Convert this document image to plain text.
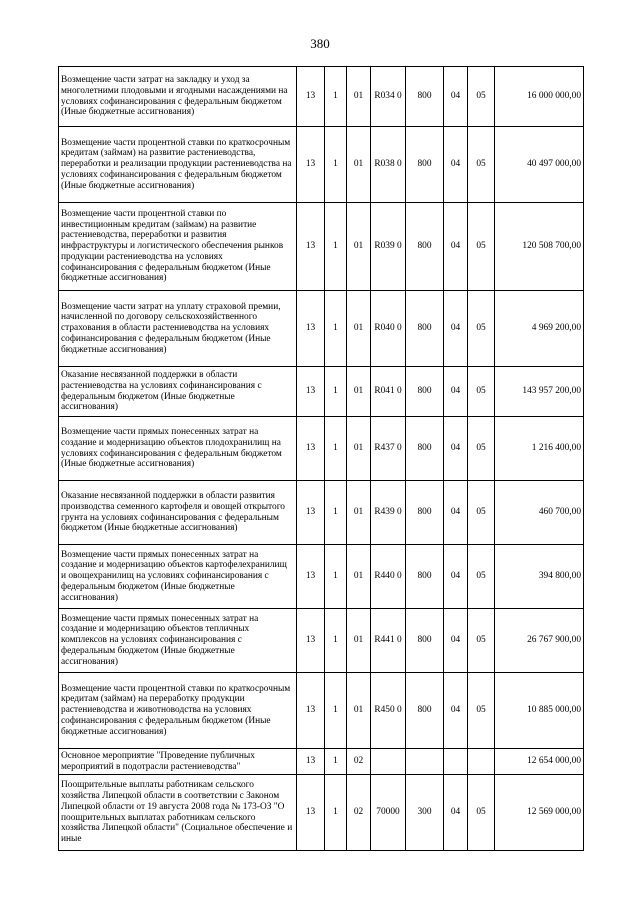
380
Возмещение части затрат на закладку и уход за многолетними плодовыми и ягодными насаждениями на условиях софинансирования с федеральным бюджетом (Иные бюджетные ассигнования)	13	1	01	R034 0	800	04	05	16 000 000,00
Возмещение части процентной ставки по краткосрочным кредитам (займам) на развитие растениеводства, переработки и реализации продукции растениеводства на условиях софинансирования с федеральным бюджетом (Иные бюджетные ассигнования)	13	1	01	R038 0	800	04	05	40 497 000,00
Возмещение части процентной ставки по инвестиционным кредитам (займам) на развитие растениеводства, переработки и развития инфраструктуры и логистического обеспечения рынков продукции растениеводства на условиях софинансирования с федеральным бюджетом (Иные бюджетные ассигнования)	13	1	01	R039 0	800	04	05	120 508 700,00
Возмещение части затрат на уплату страховой премии, начисленной по договору сельскохозяйственного страхования в области растениеводства на условиях софинансирования с федеральным бюджетом (Иные бюджетные ассигнования)	13	1	01	R040 0	800	04	05	4 969 200,00
Оказание несвязанной поддержки в области растениеводства на условиях софинансирования с федеральным бюджетом (Иные бюджетные ассигнования)	13	1	01	R041 0	800	04	05	143 957 200,00
Возмещение части прямых понесенных затрат на создание и модернизацию объектов плодохранилищ на условиях софинансирования с федеральным бюджетом (Иные бюджетные ассигнования)	13	1	01	R437 0	800	04	05	1 216 400,00
Оказание несвязанной поддержки в области развития производства семенного картофеля и овощей открытого грунта на условиях софинансирования с федеральным бюджетом (Иные бюджетные ассигнования)	13	1	01	R439 0	800	04	05	460 700,00
Возмещение части прямых понесенных затрат на создание и модернизацию объектов картофелехранилищ и овощехранилищ на условиях софинансирования с федеральным бюджетом (Иные бюджетные ассигнования)	13	1	01	R440 0	800	04	05	394 800,00
Возмещение части прямых понесенных затрат на создание и модернизацию объектов тепличных комплексов на условиях софинансирования с федеральным бюджетом (Иные бюджетные ассигнования)	13	1	01	R441 0	800	04	05	26 767 900,00
Возмещение части процентной ставки по краткосрочным кредитам (займам) на переработку продукции растениеводства и животноводства на условиях софинансирования с федеральным бюджетом (Иные бюджетные ассигнования)	13	1	01	R450 0	800	04	05	10 885 000,00
Основное мероприятие "Проведение публичных мероприятий в подотрасли растениеводства"	13	1	02					12 654 000,00
Поощрительные выплаты работникам сельского хозяйства Липецкой области в соответствии с Законом Липецкой области от 19 августа 2008 года № 173-ОЗ "О поощрительных выплатах работникам сельского хозяйства Липецкой области" (Социальное обеспечение и иные	13	1	02	70000	300	04	05	12 569 000,00
